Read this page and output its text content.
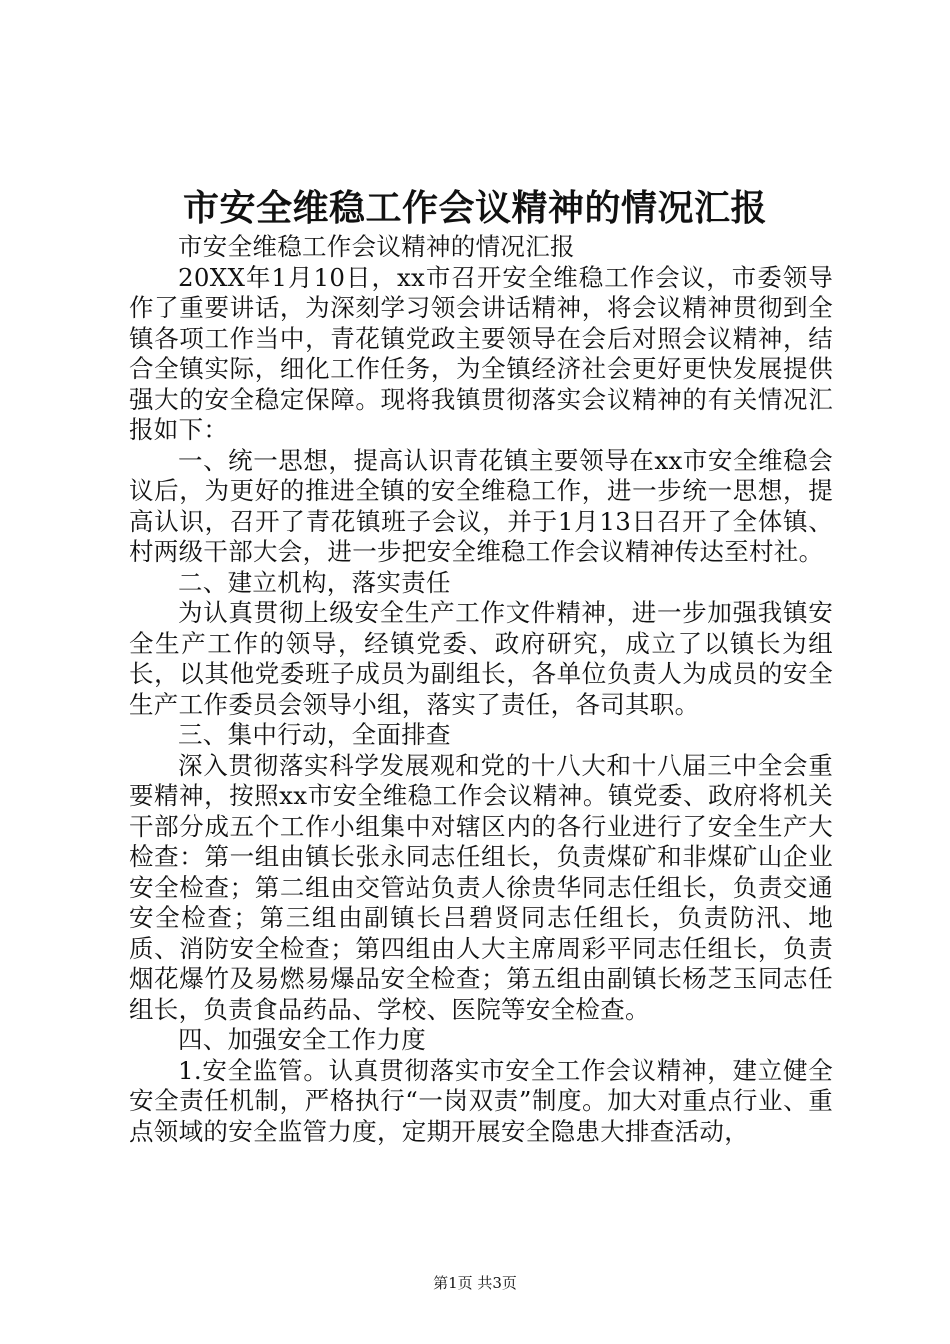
市安全维稳工作会议精神的情况汇报

市安全维稳工作会议精神的情况汇报

20XX年1月10日，xx市召开安全维稳工作会议，市委领导作了重要讲话，为深刻学习领会讲话精神，将会议精神贯彻到全镇各项工作当中，青花镇党政主要领导在会后对照会议精神，结合全镇实际，细化工作任务，为全镇经济社会更好更快发展提供强大的安全稳定保障。现将我镇贯彻落实会议精神的有关情况汇报如下：

一、统一思想，提高认识青花镇主要领导在xx市安全维稳会议后，为更好的推进全镇的安全维稳工作，进一步统一思想，提高认识，召开了青花镇班子会议，并于1月13日召开了全体镇、村两级干部大会，进一步把安全维稳工作会议精神传达至村社。

二、建立机构，落实责任

为认真贯彻上级安全生产工作文件精神，进一步加强我镇安全生产工作的领导，经镇党委、政府研究，成立了以镇长为组长，以其他党委班子成员为副组长，各单位负责人为成员的安全生产工作委员会领导小组，落实了责任，各司其职。

三、集中行动，全面排查

深入贯彻落实科学发展观和党的十八大和十八届三中全会重要精神，按照xx市安全维稳工作会议精神。镇党委、政府将机关干部分成五个工作小组集中对辖区内的各行业进行了安全生产大检查：第一组由镇长张永同志任组长，负责煤矿和非煤矿山企业安全检查；第二组由交管站负责人徐贵华同志任组长，负责交通安全检查；第三组由副镇长吕碧贤同志任组长，负责防汛、地质、消防安全检查；第四组由人大主席周彩平同志任组长，负责烟花爆竹及易燃易爆品安全检查；第五组由副镇长杨芝玉同志任组长，负责食品药品、学校、医院等安全检查。

四、加强安全工作力度

1.安全监管。认真贯彻落实市安全工作会议精神，建立健全安全责任机制，严格执行“一岗双责”制度。加大对重点行业、重点领域的安全监管力度，定期开展安全隐患大排查活动，

第1页 共3页
